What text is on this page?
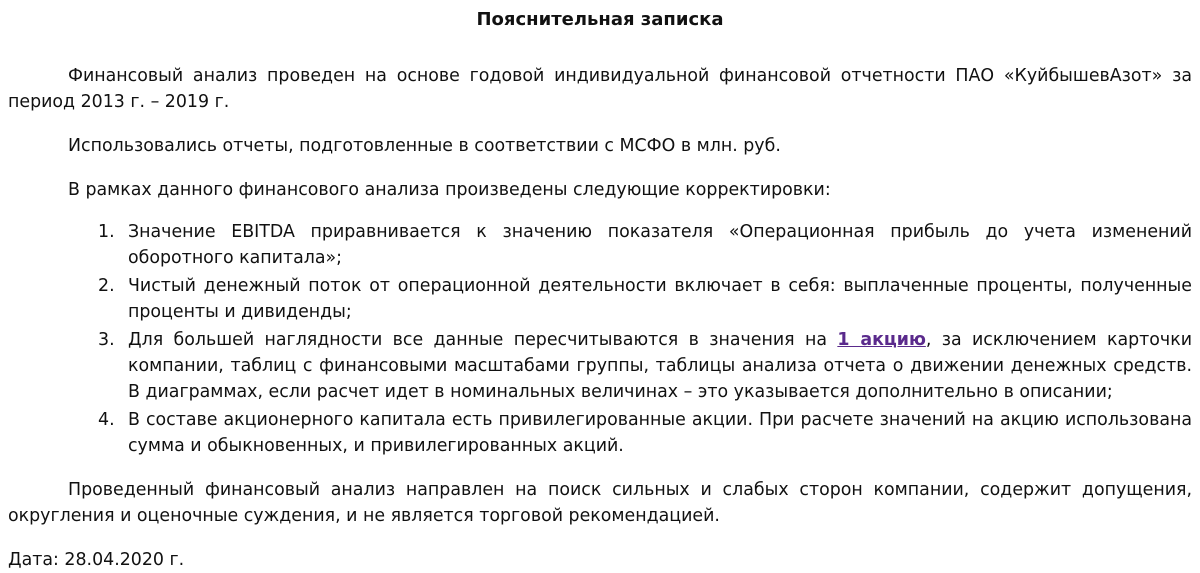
Пояснительная записка

Финансовый анализ проведен на основе годовой индивидуальной финансовой отчетности ПАО «КуйбышевАзот» за период 2013 г. – 2019 г.

Использовались отчеты, подготовленные в соответствии с МСФО в млн. руб.

В рамках данного финансового анализа произведены следующие корректировки:

1. Значение EBITDA приравнивается к значению показателя «Операционная прибыль до учета изменений оборотного капитала»;
2. Чистый денежный поток от операционной деятельности включает в себя: выплаченные проценты, полученные проценты и дивиденды;
3. Для большей наглядности все данные пересчитываются в значения на 1 акцию, за исключением карточки компании, таблиц с финансовыми масштабами группы, таблицы анализа отчета о движении денежных средств. В диаграммах, если расчет идет в номинальных величинах – это указывается дополнительно в описании;
4. В составе акционерного капитала есть привилегированные акции. При расчете значений на акцию использована сумма и обыкновенных, и привилегированных акций.

Проведенный финансовый анализ направлен на поиск сильных и слабых сторон компании, содержит допущения, округления и оценочные суждения, и не является торговой рекомендацией.

Дата: 28.04.2020 г.
